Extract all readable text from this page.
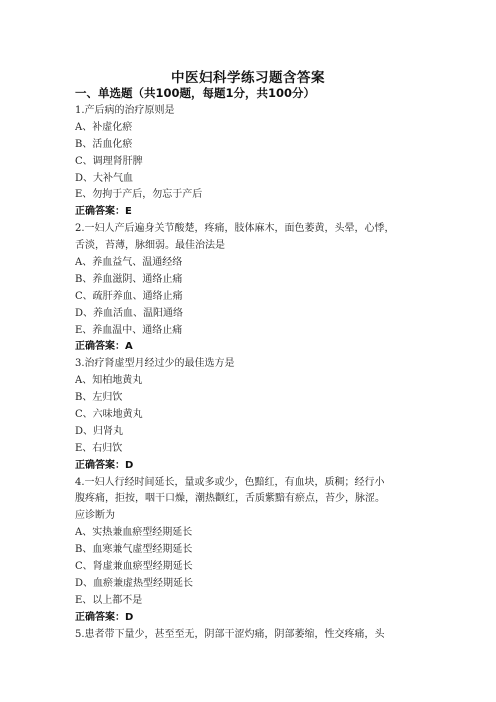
中医妇科学练习题含答案
一、单选题（共100题，每题1分，共100分）
1.产后病的治疗原则是
A、补虚化瘀
B、活血化瘀
C、调理肾肝脾
D、大补气血
E、勿拘于产后，勿忘于产后
正确答案：E
2.一妇人产后遍身关节酸楚，疼痛，肢体麻木，面色萎黄，头晕，心悸，
舌淡，苔薄，脉细弱。最佳治法是
A、养血益气、温通经络
B、养血滋阴、通络止痛
C、疏肝养血、通络止痛
D、养血活血、温阳通络
E、养血温中、通络止痛
正确答案：A
3.治疗肾虚型月经过少的最佳选方是
A、知柏地黄丸
B、左归饮
C、六味地黄丸
D、归肾丸
E、右归饮
正确答案：D
4.一妇人行经时间延长，量或多或少，色黯红，有血块，质稠；经行小
腹疼痛，拒按，咽干口燥，潮热颧红，舌质紫黯有瘀点，苔少，脉涩。
应诊断为
A、实热兼血瘀型经期延长
B、血寒兼气虚型经期延长
C、肾虚兼血瘀型经期延长
D、血瘀兼虚热型经期延长
E、以上都不是
正确答案：D
5.患者带下量少，甚至至无，阴部干涩灼痛，阴部萎缩，性交疼痛，头
